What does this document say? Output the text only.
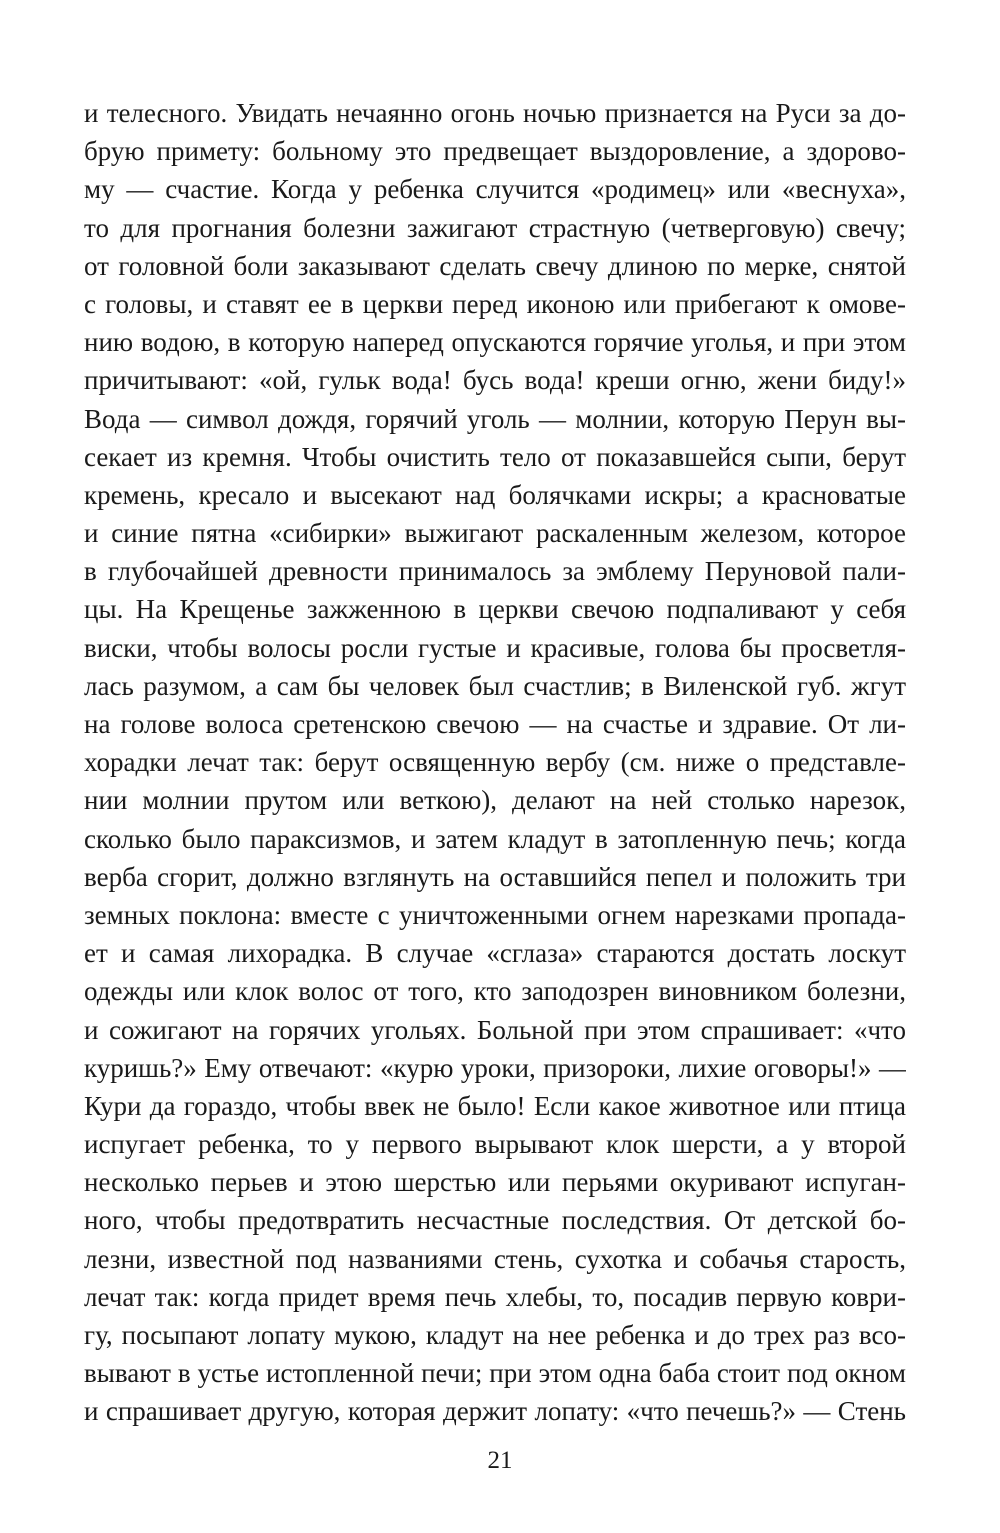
и телесного. Увидать нечаянно огонь ночью признается на Руси за до-
брую примету: больному это предвещает выздоровление, а здорово-
му — счастие. Когда у ребенка случится «родимец» или «веснуха»,
то для прогнания болезни зажигают страстную (четверговую) свечу;
от головной боли заказывают сделать свечу длиною по мерке, снятой
с головы, и ставят ее в церкви перед иконою или прибегают к омове-
нию водою, в которую наперед опускаются горячие уголья, и при этом
причитывают: «ой, гульк вода! бусь вода! креши огню, жени биду!»
Вода — символ дождя, горячий уголь — молнии, которую Перун вы-
секает из кремня. Чтобы очистить тело от показавшейся сыпи, берут
кремень, кресало и высекают над болячками искры; а красноватые
и синие пятна «сибирки» выжигают раскаленным железом, которое
в глубочайшей древности принималось за эмблему Перуновой пали-
цы. На Крещенье зажженною в церкви свечою подпаливают у себя
виски, чтобы волосы росли густые и красивые, голова бы просветля-
лась разумом, а сам бы человек был счастлив; в Виленской губ. жгут
на голове волоса сретенскою свечою — на счастье и здравие. От ли-
хорадки лечат так: берут освященную вербу (см. ниже о представле-
нии молнии прутом или веткою), делают на ней столько нарезок,
сколько было параксизмов, и затем кладут в затопленную печь; когда
верба сгорит, должно взглянуть на оставшийся пепел и положить три
земных поклона: вместе с уничтоженными огнем нарезками пропада-
ет и самая лихорадка. В случае «сглаза» стараются достать лоскут
одежды или клок волос от того, кто заподозрен виновником болезни,
и сожигают на горячих угольях. Больной при этом спрашивает: «что
куришь?» Ему отвечают: «курю уроки, призороки, лихие оговоры!» —
Кури да гораздо, чтобы ввек не было! Если какое животное или птица
испугает ребенка, то у первого вырывают клок шерсти, а у второй
несколько перьев и этою шерстью или перьями окуривают испуган-
ного, чтобы предотвратить несчастные последствия. От детской бо-
лезни, известной под названиями стень, сухотка и собачья старость,
лечат так: когда придет время печь хлебы, то, посадив первую коври-
гу, посыпают лопату мукою, кладут на нее ребенка и до трех раз всо-
вывают в устье истопленной печи; при этом одна баба стоит под окном
и спрашивает другую, которая держит лопату: «что печешь?» — Стень
21
